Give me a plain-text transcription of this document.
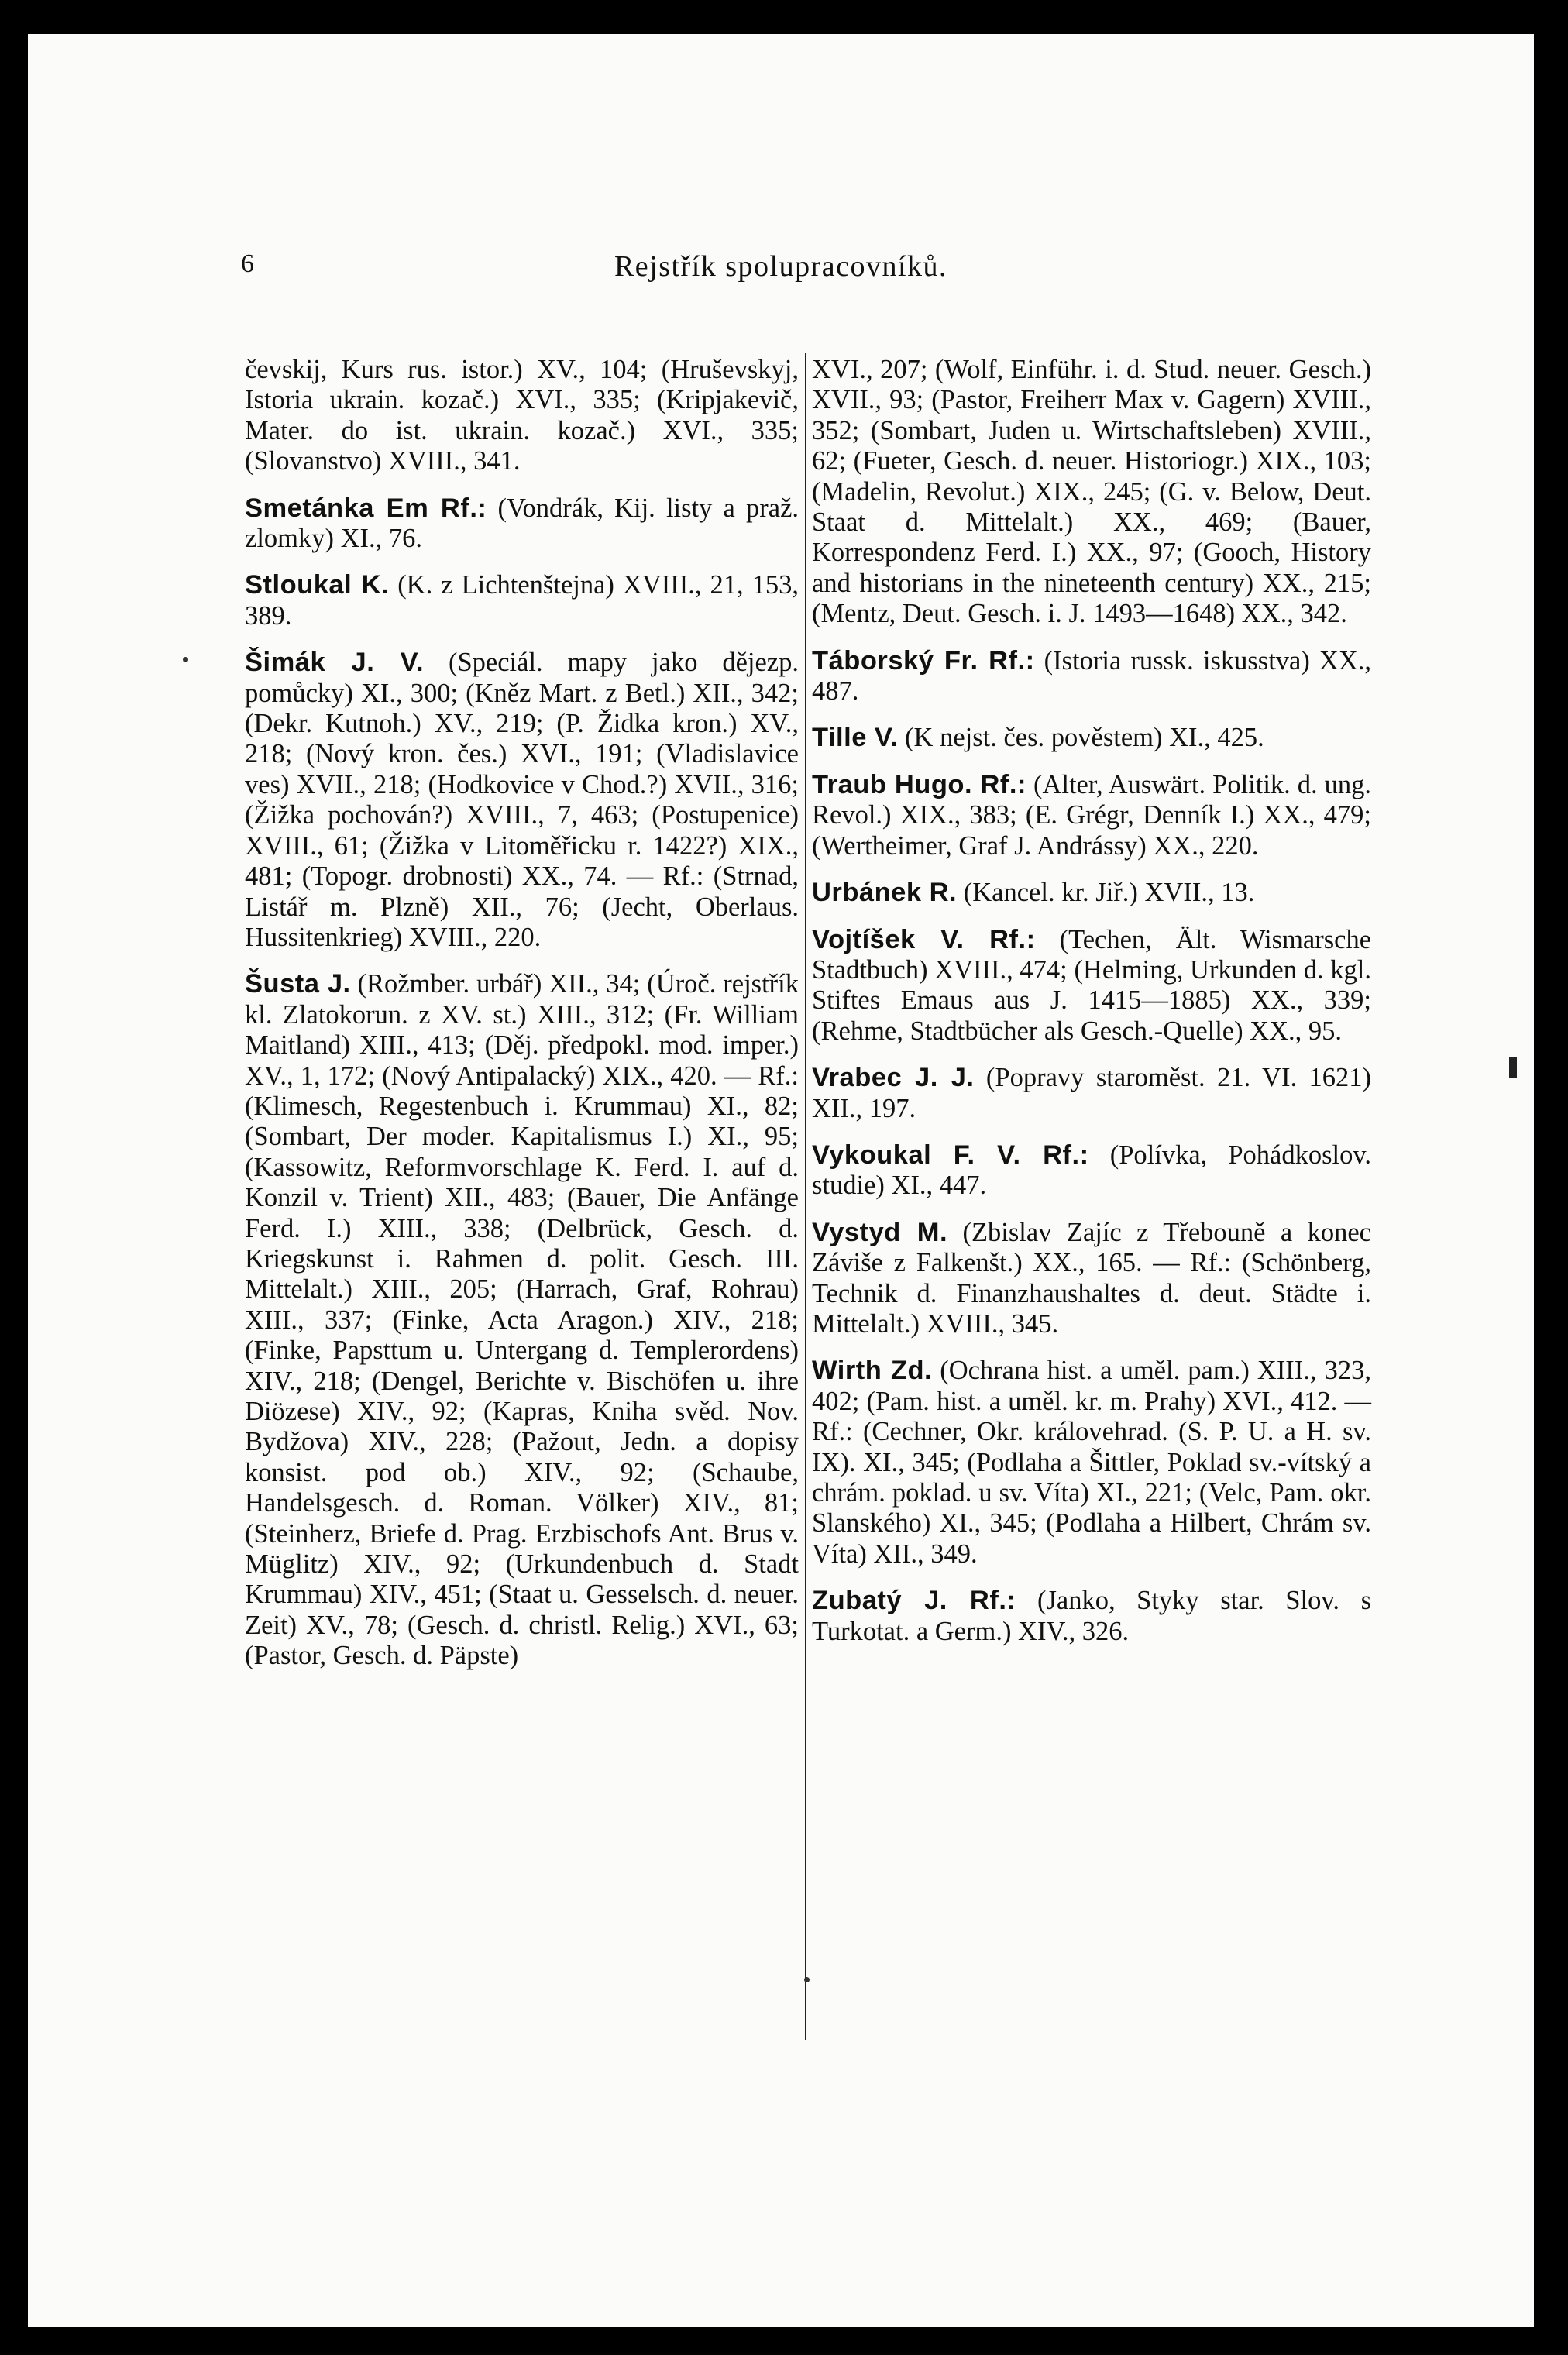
6	Rejstřík spolupracovníků.

čevskij, Kurs rus. istor.) XV., 104; (Hruševskyj, Istoria ukrain. kozač.) XVI., 335; (Kripjakevič, Mater. do ist. ukrain. kozač.) XVI., 335; (Slovanstvo) XVIII., 341.

Smetánka Em Rf.: (Vondrák, Kij. listy a praž. zlomky) XI., 76.

Stloukal K. (K. z Lichtenštejna) XVIII., 21, 153, 389.

Šimák J. V. (Speciál. mapy jako dějezp. pomůcky) XI., 300; (Kněz Mart. z Betl.) XII., 342; (Dekr. Kutnoh.) XV., 219; (P. Židka kron.) XV., 218; (Nový kron. čes.) XVI., 191; (Vladislavice ves) XVII., 218; (Hodkovice v Chod.?) XVII., 316; (Žižka pochován?) XVIII., 7, 463; (Postupenice) XVIII., 61; (Žižka v Litoměřicku r. 1422?) XIX., 481; (Topogr. drobnosti) XX., 74. — Rf.: (Strnad, Listář m. Plzně) XII., 76; (Jecht, Oberlaus. Hussitenkrieg) XVIII., 220.

Šusta J. (Rožmber. urbář) XII., 34; (Úroč. rejstřík kl. Zlatokorun. z XV. st.) XIII., 312; (Fr. William Maitland) XIII., 413; (Děj. předpokl. mod. imper.) XV., 1, 172; (Nový Antipalacký) XIX., 420. — Rf.: (Klimesch, Regestenbuch i. Krummau) XI., 82; (Sombart, Der moder. Kapitalismus I.) XI., 95; (Kassowitz, Reformvorschlage K. Ferd. I. auf d. Konzil v. Trient) XII., 483; (Bauer, Die Anfänge Ferd. I.) XIII., 338; (Delbrück, Gesch. d. Kriegskunst i. Rahmen d. polit. Gesch. III. Mittelalt.) XIII., 205; (Harrach, Graf, Rohrau) XIII., 337; (Finke, Acta Aragon.) XIV., 218; (Finke, Papsttum u. Untergang d. Templerordens) XIV., 218; (Dengel, Berichte v. Bischöfen u. ihre Diözese) XIV., 92; (Kapras, Kniha svěd. Nov. Bydžova) XIV., 228; (Pažout, Jedn. a dopisy konsist. pod ob.) XIV., 92; (Schaube, Handelsgesch. d. Roman. Völker) XIV., 81; (Steinherz, Briefe d. Prag. Erzbischofs Ant. Brus v. Müglitz) XIV., 92; (Urkundenbuch d. Stadt Krummau) XIV., 451; (Staat u. Gesselsch. d. neuer. Zeit) XV., 78; (Gesch. d. christl. Relig.) XVI., 63; (Pastor, Gesch. d. Päpste)

XVI., 207; (Wolf, Einführ. i. d. Stud. neuer. Gesch.) XVII., 93; (Pastor, Freiherr Max v. Gagern) XVIII., 352; (Sombart, Juden u. Wirtschaftsleben) XVIII., 62; (Fueter, Gesch. d. neuer. Historiogr.) XIX., 103; (Madelin, Revolut.) XIX., 245; (G. v. Below, Deut. Staat d. Mittelalt.) XX., 469; (Bauer, Korrespondenz Ferd. I.) XX., 97; (Gooch, History and historians in the nineteenth century) XX., 215; (Mentz, Deut. Gesch. i. J. 1493—1648) XX., 342.

Táborský Fr. Rf.: (Istoria russk. iskusstva) XX., 487.

Tille V. (K nejst. čes. pověstem) XI., 425.

Traub Hugo. Rf.: (Alter, Auswärt. Politik. d. ung. Revol.) XIX., 383; (E. Grégr, Denník I.) XX., 479; (Wertheimer, Graf J. Andrássy) XX., 220.

Urbánek R. (Kancel. kr. Jiř.) XVII., 13.

Vojtíšek V. Rf.: (Techen, Ält. Wismarsche Stadtbuch) XVIII., 474; (Helming, Urkunden d. kgl. Stiftes Emaus aus J. 1415—1885) XX., 339; (Rehme, Stadtbücher als Gesch.-Quelle) XX., 95.

Vrabec J. J. (Popravy staroměst. 21. VI. 1621) XII., 197.

Vykoukal F. V. Rf.: (Polívka, Pohádkoslov. studie) XI., 447.

Vystyd M. (Zbislav Zajíc z Třebouně a konec Záviše z Falkenšt.) XX., 165. — Rf.: (Schönberg, Technik d. Finanzhaushaltes d. deut. Städte i. Mittelalt.) XVIII., 345.

Wirth Zd. (Ochrana hist. a uměl. pam.) XIII., 323, 402; (Pam. hist. a uměl. kr. m. Prahy) XVI., 412. — Rf.: (Cechner, Okr. královehrad. (S. P. U. a H. sv. IX). XI., 345; (Podlaha a Šittler, Poklad sv.-vítský a chrám. poklad. u sv. Víta) XI., 221; (Velc, Pam. okr. Slanského) XI., 345; (Podlaha a Hilbert, Chrám sv. Víta) XII., 349.

Zubatý J. Rf.: (Janko, Styky star. Slov. s Turkotat. a Germ.) XIV., 326.
